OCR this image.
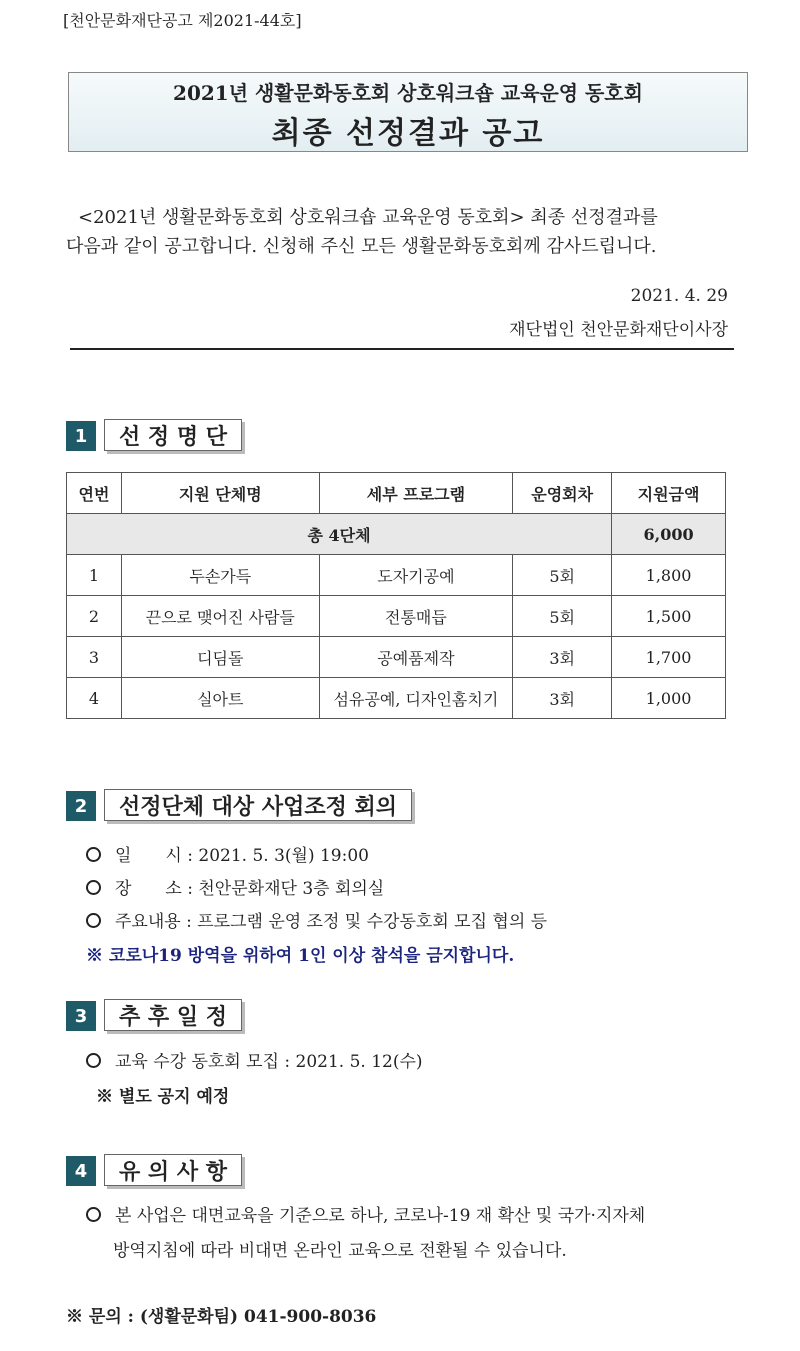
[천안문화재단공고 제2021-44호]
2021년 생활문화동호회 상호워크숍 교육운영 동호회
최종 선정결과 공고
<2021년 생활문화동호회 상호워크숍 교육운영 동호회> 최종 선정결과를
다음과 같이 공고합니다. 신청해 주신 모든 생활문화동호회께 감사드립니다.
2021. 4. 29
재단법인 천안문화재단이사장
1	선 정 명 단
연번	지원 단체명	세부 프로그램	운영회차	지원금액
총 4단체				6,000
1	두손가득	도자기공예	5회	1,800
2	끈으로 맺어진 사람들	전통매듭	5회	1,500
3	디딤돌	공예품제작	3회	1,700
4	실아트	섬유공예, 디자인홈치기	3회	1,000
2	선정단체 대상 사업조정 회의
일　　시 : 2021. 5. 3(월) 19:00
장　　소 : 천안문화재단 3층 회의실
주요내용 : 프로그램 운영 조정 및 수강동호회 모집 협의 등
※ 코로나19 방역을 위하여 1인 이상 참석을 금지합니다.
3	추 후 일 정
교육 수강 동호회 모집 : 2021. 5. 12(수)
※ 별도 공지 예정
4	유 의 사 항
본 사업은 대면교육을 기준으로 하나, 코로나-19 재 확산 및 국가·지자체
방역지침에 따라 비대면 온라인 교육으로 전환될 수 있습니다.
※ 문의 : (생활문화팀) 041-900-8036
